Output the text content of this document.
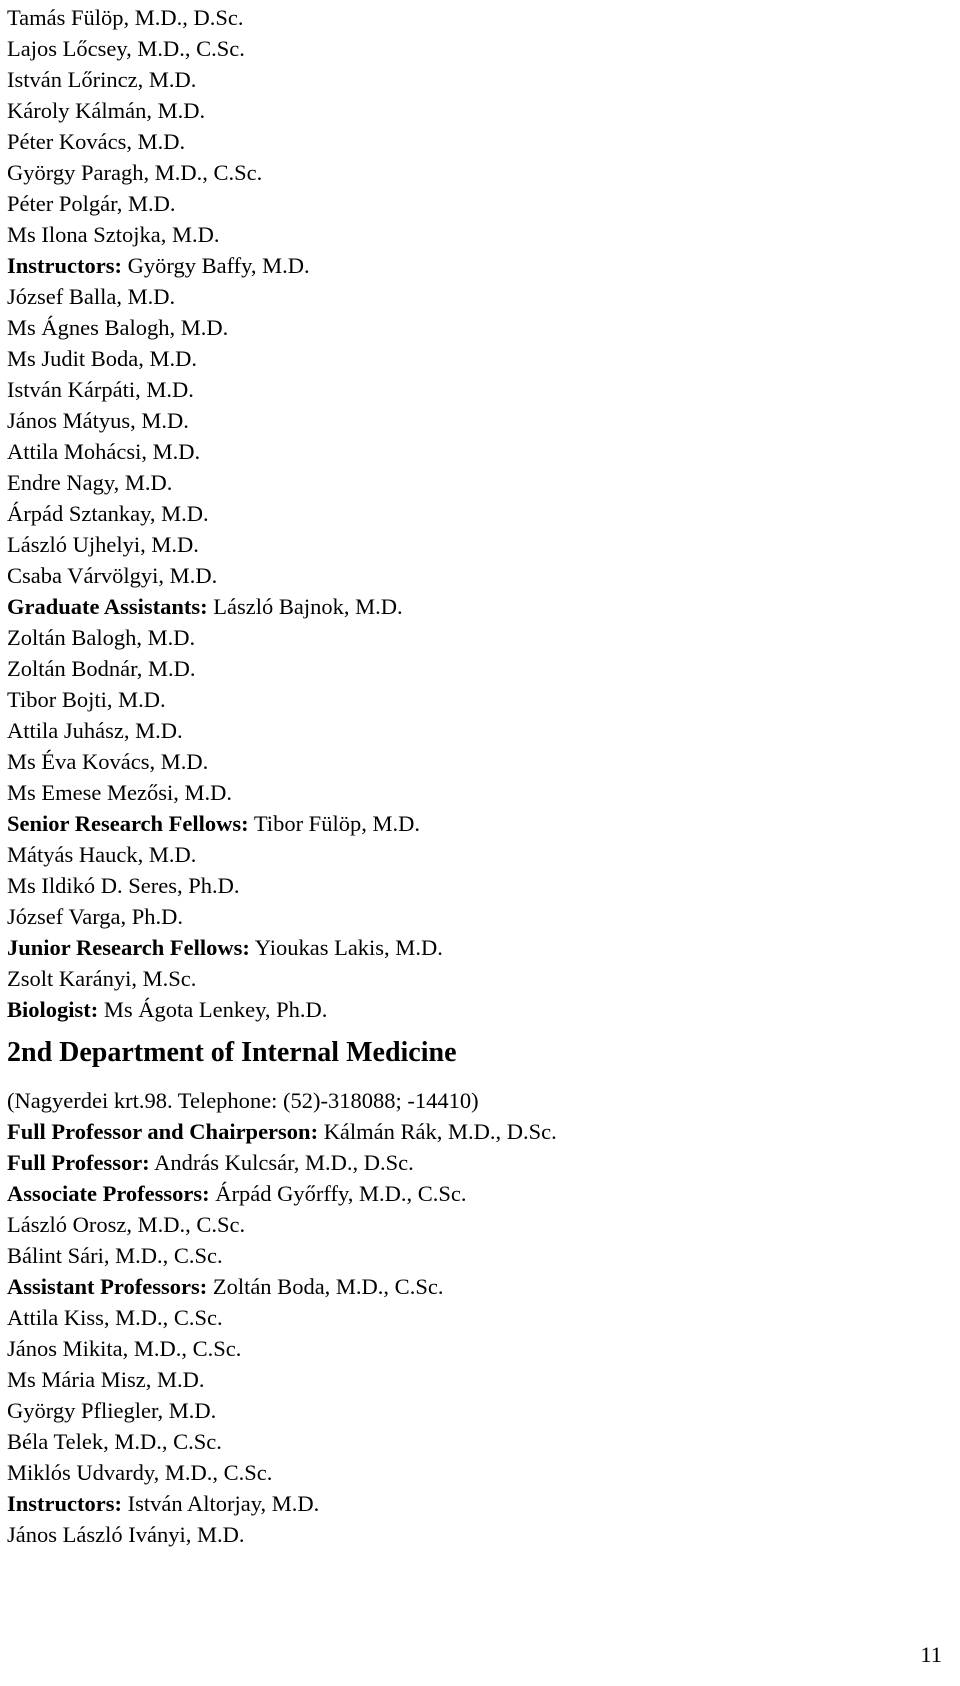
Tamás Fülöp, M.D., D.Sc.
Lajos Lőcsey, M.D., C.Sc.
István Lőrincz, M.D.
Károly Kálmán, M.D.
Péter Kovács, M.D.
György Paragh, M.D., C.Sc.
Péter Polgár, M.D.
Ms Ilona Sztojka, M.D.
Instructors: György Baffy, M.D.
József Balla, M.D.
Ms Ágnes Balogh, M.D.
Ms Judit Boda, M.D.
István Kárpáti, M.D.
János Mátyus, M.D.
Attila Mohácsi, M.D.
Endre Nagy, M.D.
Árpád Sztankay, M.D.
László Ujhelyi, M.D.
Csaba Várvölgyi, M.D.
Graduate Assistants: László Bajnok, M.D.
Zoltán Balogh, M.D.
Zoltán Bodnár, M.D.
Tibor Bojti, M.D.
Attila Juhász, M.D.
Ms Éva Kovács, M.D.
Ms Emese Mezősi, M.D.
Senior Research Fellows: Tibor Fülöp, M.D.
Mátyás Hauck, M.D.
Ms Ildikó D. Seres, Ph.D.
József Varga, Ph.D.
Junior Research Fellows: Yioukas Lakis, M.D.
Zsolt Karányi, M.Sc.
Biologist: Ms Ágota Lenkey, Ph.D.
2nd Department of Internal Medicine
(Nagyerdei krt.98. Telephone: (52)-318088; -14410)
Full Professor and Chairperson: Kálmán Rák, M.D., D.Sc.
Full Professor: András Kulcsár, M.D., D.Sc.
Associate Professors: Árpád Győrffy, M.D., C.Sc.
László Orosz, M.D., C.Sc.
Bálint Sári, M.D., C.Sc.
Assistant Professors: Zoltán Boda, M.D., C.Sc.
Attila Kiss, M.D., C.Sc.
János Mikita, M.D., C.Sc.
Ms Mária Misz, M.D.
György Pfliegler, M.D.
Béla Telek, M.D., C.Sc.
Miklós Udvardy, M.D., C.Sc.
Instructors: István Altorjay, M.D.
János László Iványi, M.D.
11
